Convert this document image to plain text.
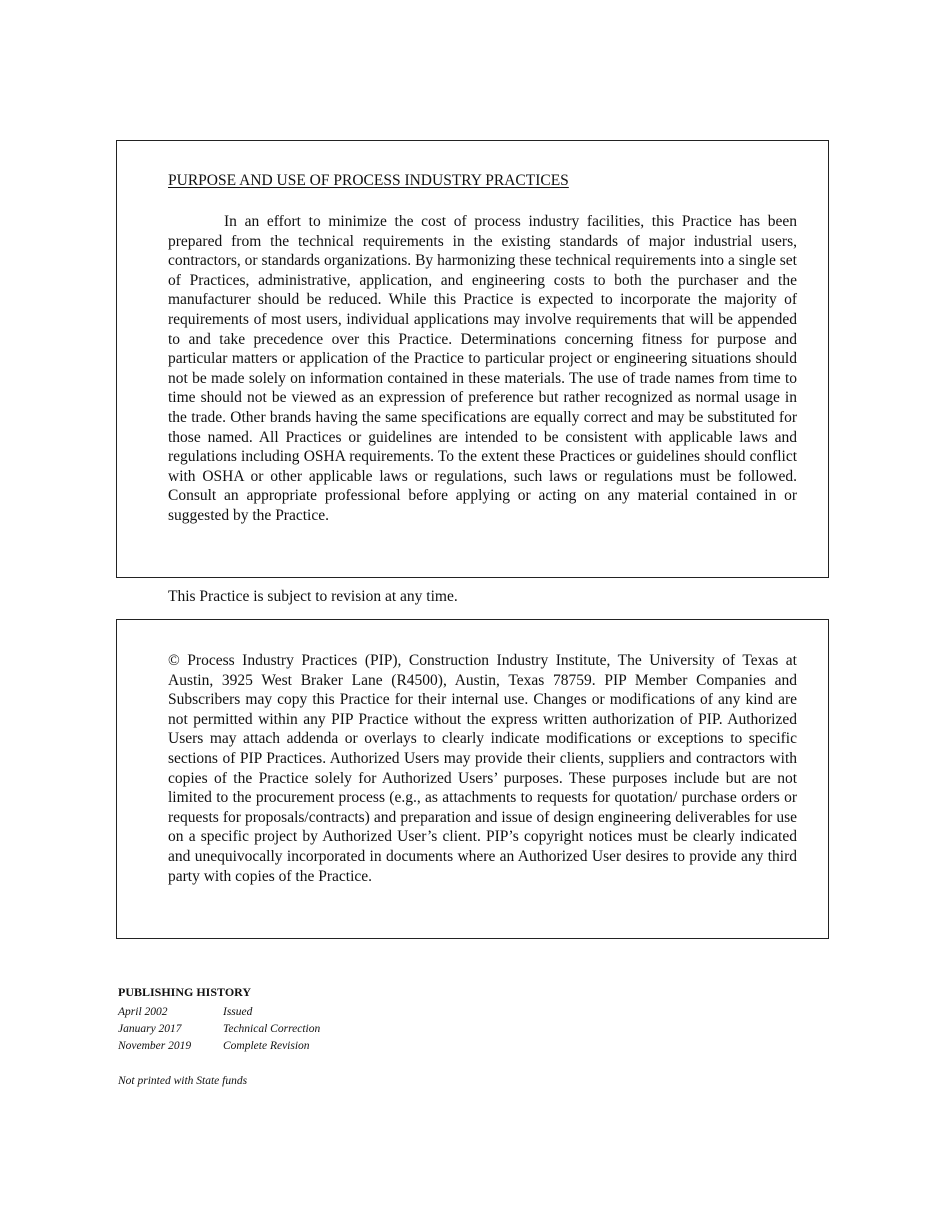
PURPOSE AND USE OF PROCESS INDUSTRY PRACTICES

In an effort to minimize the cost of process industry facilities, this Practice has been prepared from the technical requirements in the existing standards of major industrial users, contractors, or standards organizations. By harmonizing these technical requirements into a single set of Practices, administrative, application, and engineering costs to both the purchaser and the manufacturer should be reduced. While this Practice is expected to incorporate the majority of requirements of most users, individual applications may involve requirements that will be appended to and take precedence over this Practice. Determinations concerning fitness for purpose and particular matters or application of the Practice to particular project or engineering situations should not be made solely on information contained in these materials. The use of trade names from time to time should not be viewed as an expression of preference but rather recognized as normal usage in the trade. Other brands having the same specifications are equally correct and may be substituted for those named. All Practices or guidelines are intended to be consistent with applicable laws and regulations including OSHA requirements. To the extent these Practices or guidelines should conflict with OSHA or other applicable laws or regulations, such laws or regulations must be followed. Consult an appropriate professional before applying or acting on any material contained in or suggested by the Practice.

This Practice is subject to revision at any time.

© Process Industry Practices (PIP), Construction Industry Institute, The University of Texas at Austin, 3925 West Braker Lane (R4500), Austin, Texas 78759. PIP Member Companies and Subscribers may copy this Practice for their internal use. Changes or modifications of any kind are not permitted within any PIP Practice without the express written authorization of PIP. Authorized Users may attach addenda or overlays to clearly indicate modifications or exceptions to specific sections of PIP Practices. Authorized Users may provide their clients, suppliers and contractors with copies of the Practice solely for Authorized Users’ purposes. These purposes include but are not limited to the procurement process (e.g., as attachments to requests for quotation/ purchase orders or requests for proposals/contracts) and preparation and issue of design engineering deliverables for use on a specific project by Authorized User’s client. PIP’s copyright notices must be clearly indicated and unequivocally incorporated in documents where an Authorized User desires to provide any third party with copies of the Practice.

PUBLISHING HISTORY
April 2002	Issued
January 2017	Technical Correction
November 2019	Complete Revision
Not printed with State funds
